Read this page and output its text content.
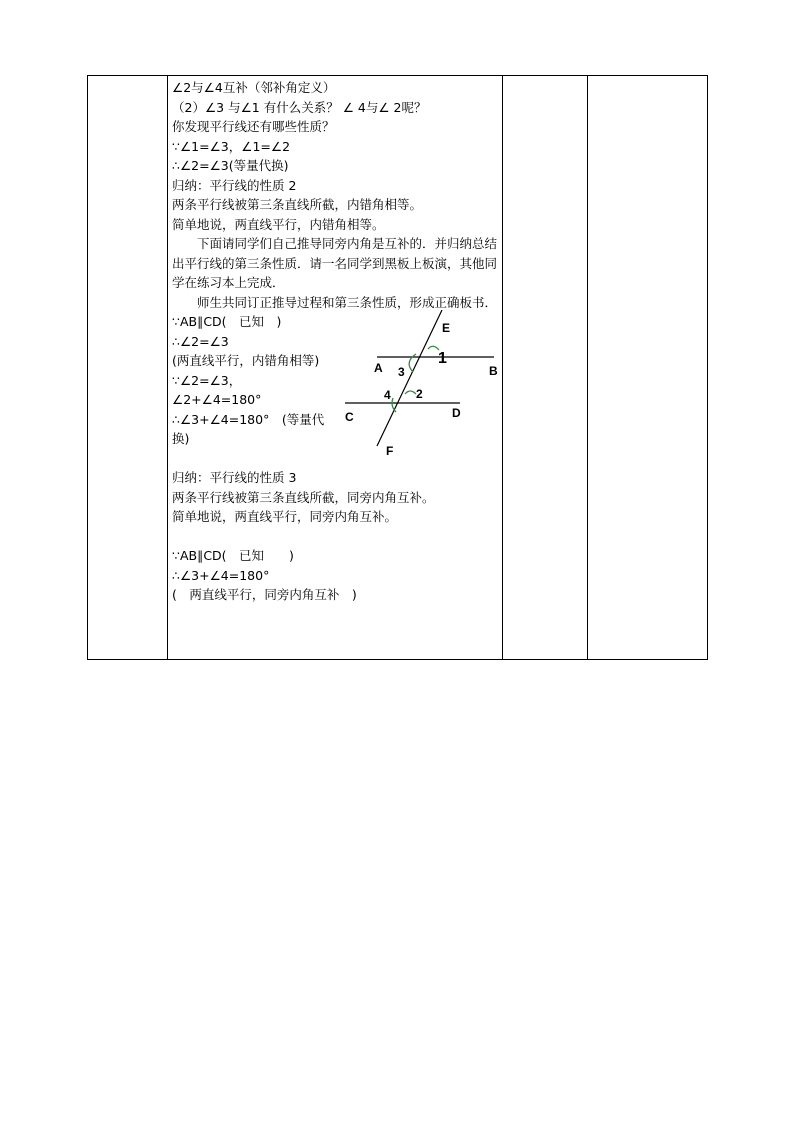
∠2与∠4互补（邻补角定义）
（2）∠3 与∠1 有什么关系？ ∠ 4与∠ 2呢？
你发现平行线还有哪些性质？
∵∠1=∠3，∠1=∠2
∴∠2=∠3(等量代换)
归纳：平行线的性质 2
两条平行线被第三条直线所截，内错角相等。
简单地说，两直线平行，内错角相等。
下面请同学们自己推导同旁内角是互补的．并归纳总结出平行线的第三条性质．请一名同学到黑板上板演，其他同学在练习本上完成．
师生共同订正推导过程和第三条性质，形成正确板书．
∵AB∥CD(　已知　)
∴∠2=∠3
(两直线平行，内错角相等)
∵∠2=∠3，
∠2+∠4=180°
∴∠3+∠4=180°　(等量代换)
E
A	B
C	D
F
1
2
3
4
归纳：平行线的性质 3
两条平行线被第三条直线所截，同旁内角互补。
简单地说，两直线平行，同旁内角互补。
∵AB∥CD(　已知　　)
∴∠3+∠4=180°
(　两直线平行，同旁内角互补　)
